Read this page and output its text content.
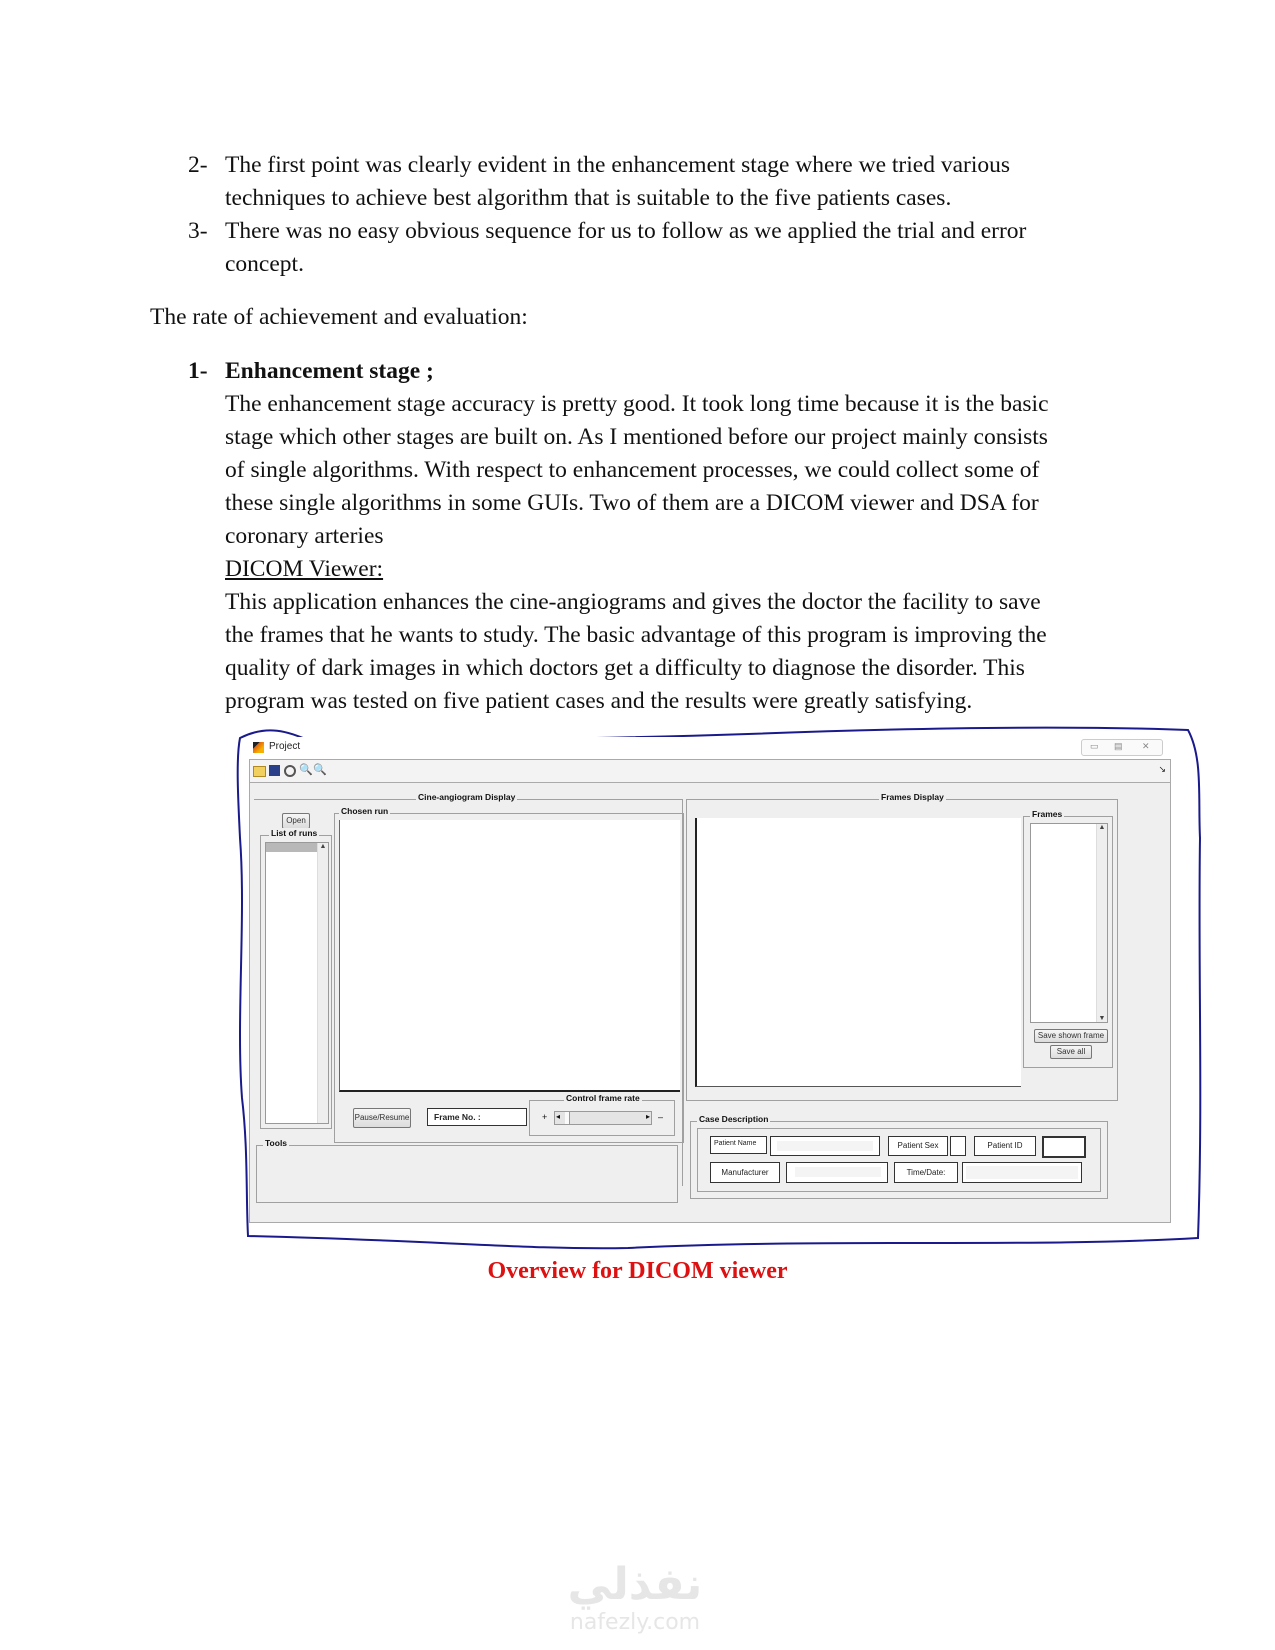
2- The first point was clearly evident in the enhancement stage where we tried various
techniques to achieve best algorithm that is suitable to the five patients cases.
3- There was no easy obvious sequence for us to follow as we applied the trial and error
concept.
The rate of achievement and evaluation:
1- Enhancement stage ;
The enhancement stage accuracy is pretty good. It took long time because it is the basic
stage which other stages are built on. As I mentioned before our project mainly consists
of single algorithms. With respect to enhancement processes, we could collect some of
these single algorithms in some GUIs. Two of them are a DICOM viewer and DSA for
coronary arteries
DICOM Viewer:
This application enhances the cine-angiograms and gives the doctor the facility to save
the frames that he wants to study. The basic advantage of this program is improving the
quality of dark images in which doctors get a difficulty to diagnose the disorder. This
program was tested on five patient cases and the results were greatly satisfying.
Project	▭ ▤ ✕
🔍 🔍	↘
Cine-angiogram Display
Open
List of runs
▲
Chosen run
Pause/Resume	Frame No. :
Control frame rate
+ ◂	▸ –
Tools
Frames Display
Frames
▲
▼
Save shown frame
Save all
Case Description
Patient Name	Patient Sex	Patient ID
Manufacturer	Time/Date:
Overview for DICOM viewer
نفذلي
nafezly.com
